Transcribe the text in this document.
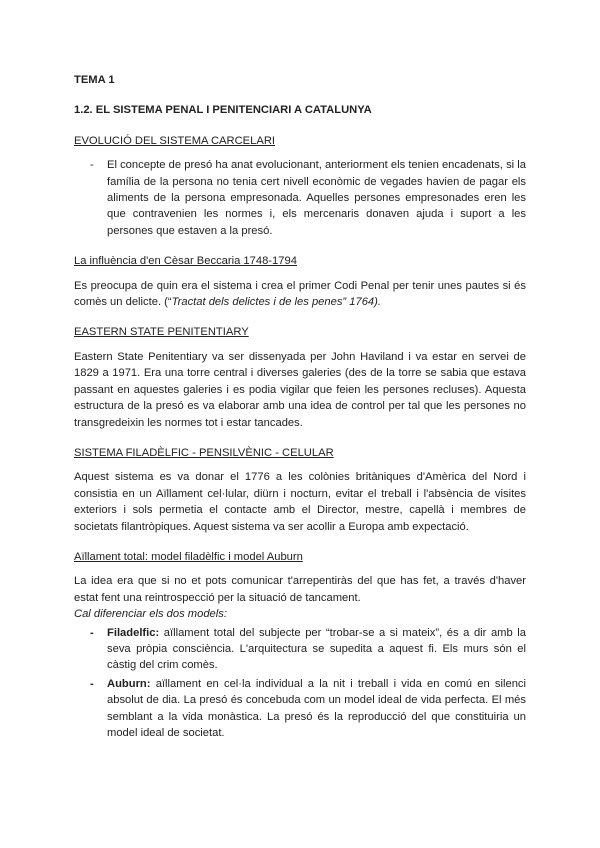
TEMA 1
1.2. EL SISTEMA PENAL I PENITENCIARI A CATALUNYA
EVOLUCIÓ DEL SISTEMA CARCELARI
- El concepte de presó ha anat evolucionant, anteriorment els tenien encadenats, si la família de la persona no tenia cert nivell econòmic de vegades havien de pagar els aliments de la persona empresonada. Aquelles persones empresonades eren les que contravenien les normes i, els mercenaris donaven ajuda i suport a les persones que estaven a la presó.
La influència d'en Cèsar Beccaria 1748-1794

Es preocupa de quin era el sistema i crea el primer Codi Penal per tenir unes pautes si és comès un delicte. (“Tractat dels delictes i de les penes” 1764).

EASTERN STATE PENITENTIARY

Eastern State Penitentiary va ser dissenyada per John Haviland i va estar en servei de 1829 a 1971. Era una torre central i diverses galeries (des de la torre se sabia que estava passant en aquestes galeries i es podia vigilar que feien les persones recluses). Aquesta estructura de la presó es va elaborar amb una idea de control per tal que les persones no transgredeixin les normes tot i estar tancades.

SISTEMA FILADÈLFIC - PENSILVÈNIC - CELULAR

Aquest sistema es va donar el 1776 a les colònies britàniques d'Amèrica del Nord i consistia en un Aïllament cel·lular, diürn i nocturn, evitar el treball i l'absència de visites exteriors i sols permetia el contacte amb el Director, mestre, capellà i membres de societats filantròpiques. Aquest sistema va ser acollir a Europa amb expectació.

Aïllament total: model filadèlfic i model Auburn

La idea era que si no et pots comunicar t'arrepentiràs del que has fet, a través d'haver estat fent una reintrospecció per la situació de tancament.

Cal diferenciar els dos models:
- Filadelfic: aïllament total del subjecte per “trobar-se a si mateix”, és a dir amb la seva pròpia consciència. L'arquitectura se supedita a aquest fi. Els murs són el càstig del crim comès.
- Auburn: aïllament en cel·la individual a la nit i treball i vida en comú en silenci absolut de dia. La presó és concebuda com un model ideal de vida perfecta. El més semblant a la vida monàstica. La presó és la reproducció del que constituiria un model ideal de societat.
